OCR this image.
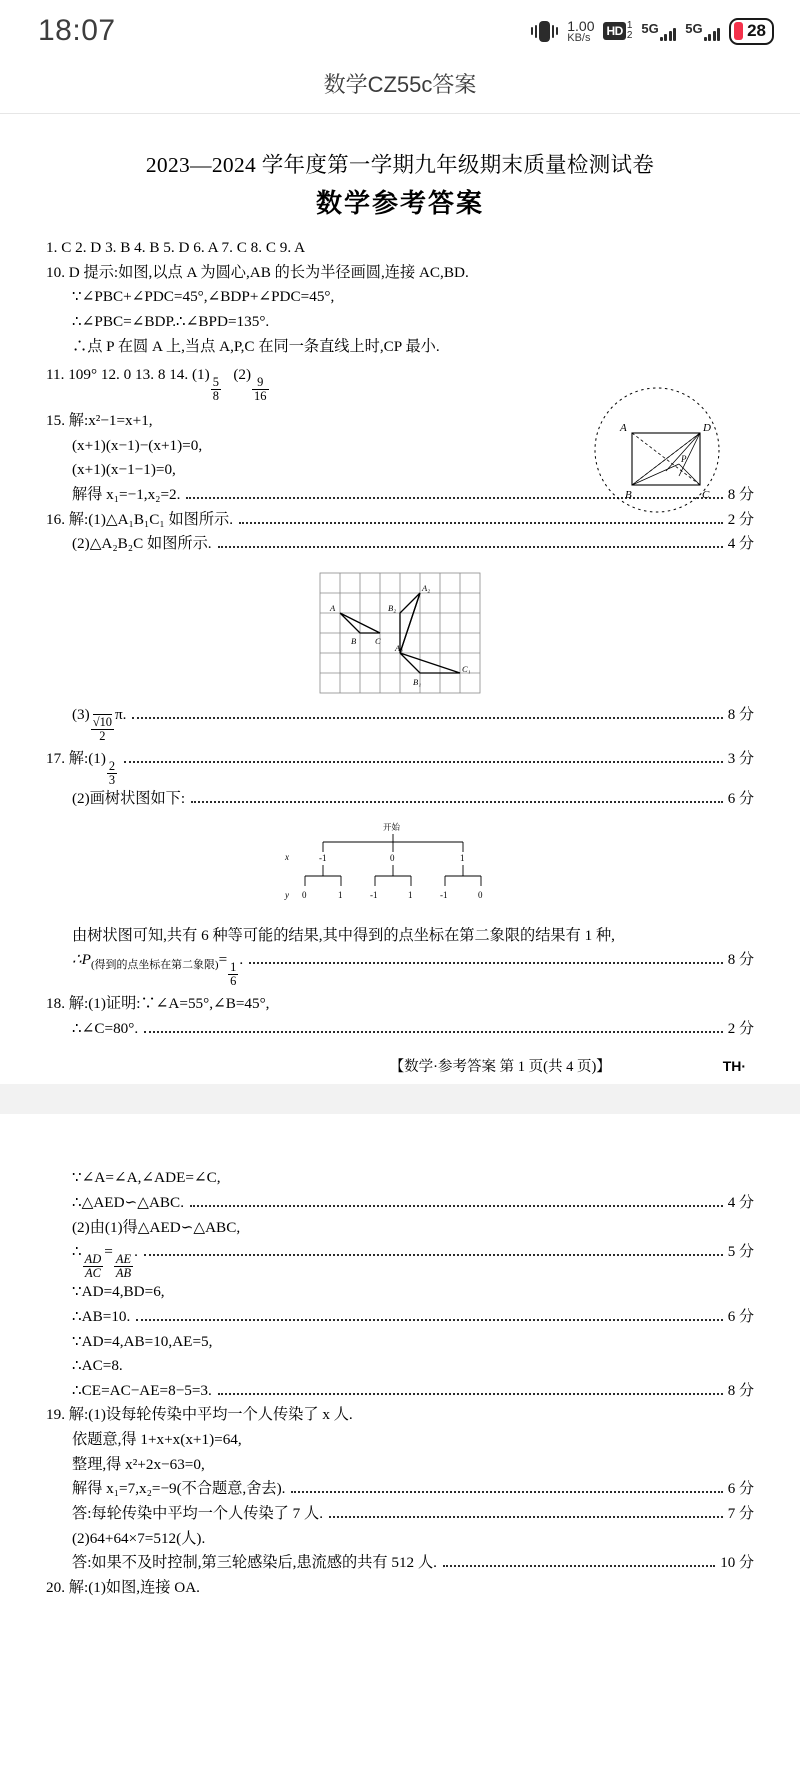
18:07	1.00
KB/s	HD 1
2 5G 5G	28
数学CZ55c答案
2023—2024 学年度第一学期九年级期末质量检测试卷
数学参考答案
1. C 2. D 3. B 4. B 5. D 6. A 7. C 8. C 9. A
10. D 提示:如图,以点 A 为圆心,AB 的长为半径画圆,连接 AC,BD.
∵∠PBC+∠PDC=45°,∠BDP+∠PDC=45°,
∴∠PBC=∠BDP.∴∠BPD=135°.
∴点 P 在圆 A 上,当点 A,P,C 在同一条直线上时,CP 最小.
A	D
B	C
P
11. 109° 12. 0 13. 8 14. (1)
$\frac{5}{8}$
(2)
$\frac{9}{16}$
15. 解:x²−1=x+1,
(x+1)(x−1)−(x+1)=0,
(x+1)(x−1−1)=0,
解得 x₁=−1,x₂=2.	8 分
16. 解:(1)△A₁B₁C₁ 如图所示.	2 分
(2)△A₂B₂C 如图所示.	4 分
A
B C
A₁
B₁
C₁
A₂
B₂
(3)
$\frac{√10}{2}$
π.	8 分
17. 解:(1)
$\frac{2}{3}$
3 分
(2)画树状图如下:	6 分
开始
x	-1	0	1
y 0	1	-1	1	-1	0
由树状图可知,共有 6 种等可能的结果,其中得到的点坐标在第二象限的结果有 1 种,
$\therefore P_{(得到的点坐标在第二象限)}=$
$\frac{1}{6}$
.	8 分
18. 解:(1)证明:∵∠A=55°,∠B=45°,
∴∠C=80°.	2 分
【数学·参考答案 第 1 页(共 4 页)】	TH·
∵∠A=∠A,∠ADE=∠C,
∴△AED∽△ABC.	4 分
(2)由(1)得△AED∽△ABC,
∴
$\frac{AD}{AC}$
=
$\frac{AE}{AB}$
.	5 分
∵AD=4,BD=6,
∴AB=10.	6 分
∵AD=4,AB=10,AE=5,
∴AC=8.
∴CE=AC−AE=8−5=3.	8 分
19. 解:(1)设每轮传染中平均一个人传染了 x 人.
依题意,得 1+x+x(x+1)=64,
整理,得 x²+2x−63=0,
解得 x₁=7,x₂=−9(不合题意,舍去).	6 分
答:每轮传染中平均一个人传染了 7 人.	7 分
(2)64+64×7=512(人).
答:如果不及时控制,第三轮感染后,患流感的共有 512 人.	10 分
20. 解:(1)如图,连接 OA.
